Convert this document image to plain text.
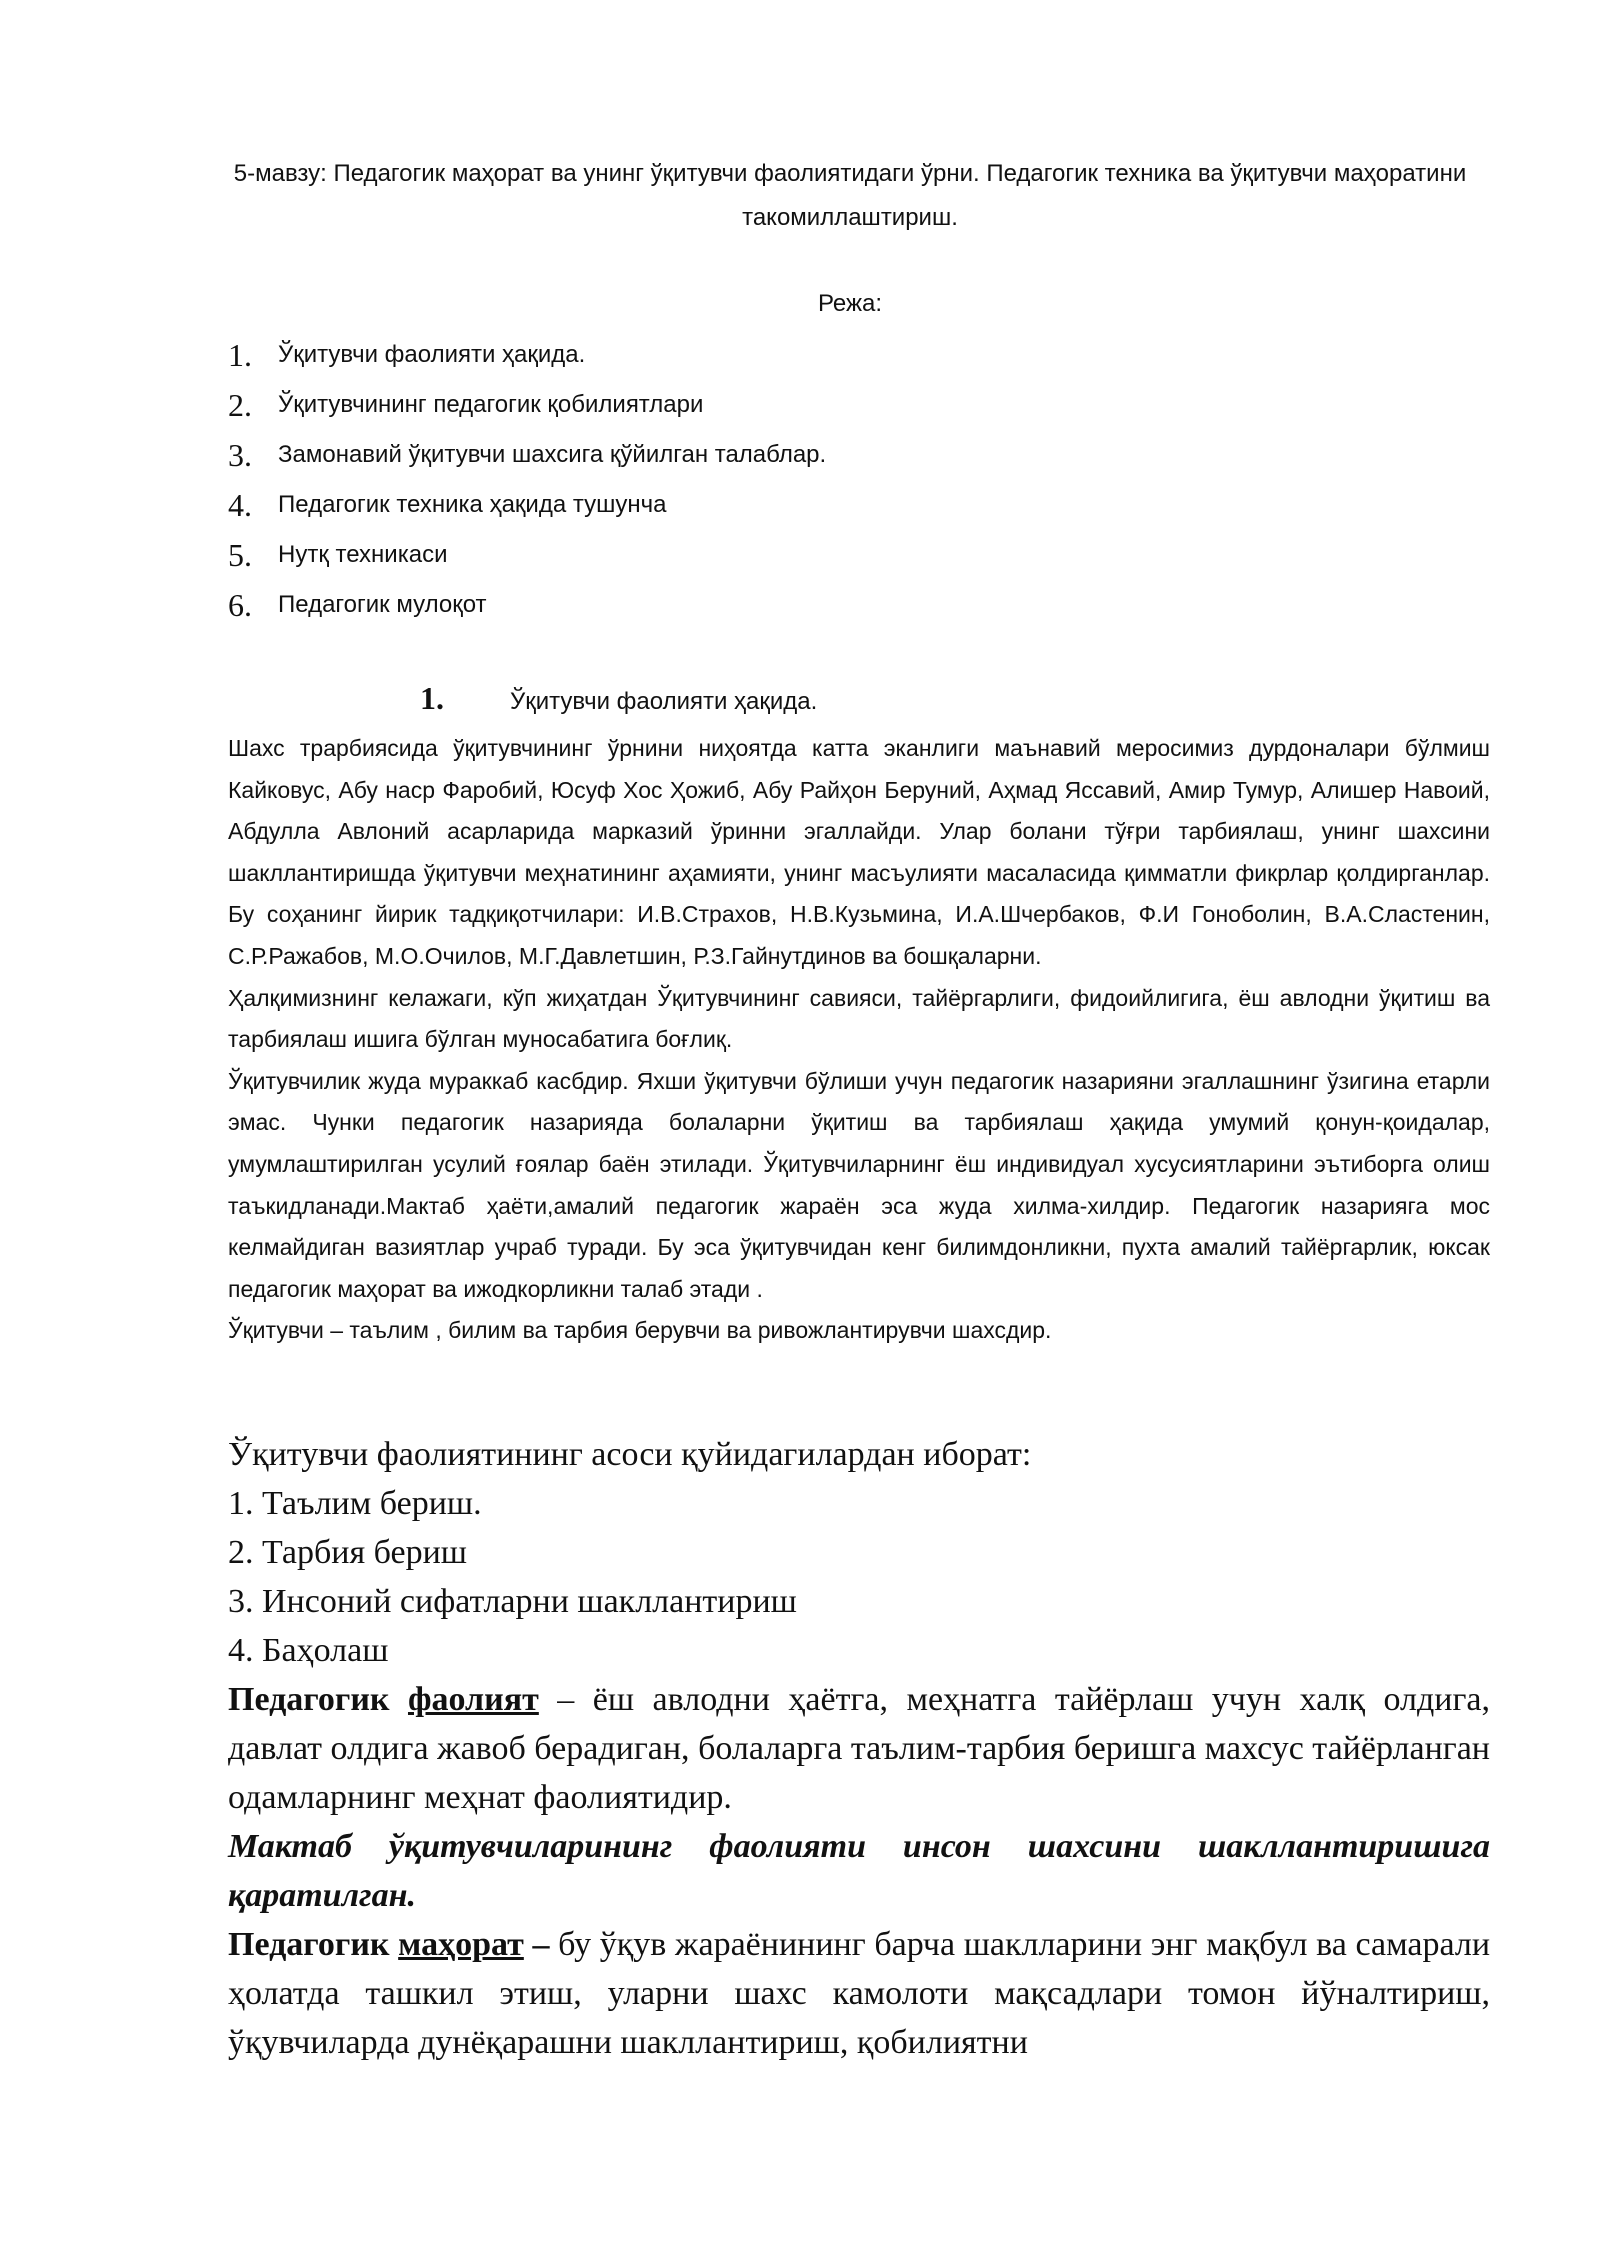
5-мавзу: Педагогик маҳорат ва унинг ўқитувчи фаолиятидаги ўрни. Педагогик техника ва ўқитувчи маҳоратини такомиллаштириш.
Режа:
1.	Ўқитувчи фаолияти ҳақида.
2.	Ўқитувчининг педагогик қобилиятлари
3.	Замонавий ўқитувчи шахсига қўйилган талаблар.
4.	Педагогик техника ҳақида тушунча
5.	Нутқ техникаси
6.	Педагогик мулоқот
1.	Ўқитувчи фаолияти ҳақида.

Шахс трарбиясида ўқитувчининг ўрнини ниҳоятда катта эканлиги маънавий меросимиз дурдоналари бўлмиш Кайковус, Абу наср Фаробий, Юсуф Хос Ҳожиб, Абу Райҳон Беруний, Аҳмад Яссавий, Амир Тумур, Алишер Навоий, Абдулла Авлоний асарларида марказий ўринни эгаллайди. Улар болани тўғри тарбиялаш, унинг шахсини шакллантиришда ўқитувчи меҳнатининг аҳамияти, унинг масъулияти масаласида қимматли фикрлар қолдирганлар. Бу соҳанинг йирик тадқиқотчилари: И.В.Страхов, Н.В.Кузьмина, И.А.Шчербаков, Ф.И Гоноболин, В.А.Сластенин, С.Р.Ражабов, М.О.Очилов, М.Г.Давлетшин, Р.З.Гайнутдинов ва бошқаларни.

Ҳалқимизнинг келажаги, кўп жиҳатдан Ўқитувчининг савияси, тайёргарлиги, фидоийлигига, ёш авлодни ўқитиш ва тарбиялаш ишига бўлган муносабатига боғлиқ.

Ўқитувчилик жуда мураккаб касбдир. Яхши ўқитувчи бўлиши учун педагогик назарияни эгаллашнинг ўзигина етарли эмас. Чунки педагогик назарияда болаларни ўқитиш ва тарбиялаш ҳақида умумий қонун-қоидалар, умумлаштирилган усулий ғоялар баён этилади. Ўқитувчиларнинг ёш индивидуал хусусиятларини эътиборга олиш таъкидланади.Мактаб ҳаёти,амалий педагогик жараён эса жуда хилма-хилдир. Педагогик назарияга мос келмайдиган вазиятлар учраб туради. Бу эса ўқитувчидан кенг билимдонликни, пухта амалий тайёргарлик, юксак педагогик маҳорат ва ижодкорликни талаб этади .

Ўқитувчи – таълим , билим ва тарбия берувчи ва ривожлантирувчи шахсдир.

Ўқитувчи фаолиятининг асоси қуйидагилардан иборат:

1. Таълим бериш.

2. Тарбия бериш

3. Инсоний сифатларни шакллантириш

4. Баҳолаш

Педагогик фаолият – ёш авлодни ҳаётга, меҳнатга тайёрлаш учун халқ олдига, давлат олдига жавоб берадиган, болаларга таълим-тарбия беришга махсус тайёрланган одамларнинг меҳнат фаолиятидир.

Мактаб ўқитувчиларининг фаолияти инсон шахсини шакллантиришига қаратилган.

Педагогик маҳорат – бу ўқув жараёнининг барча шаклларини энг мақбул ва самарали ҳолатда ташкил этиш, уларни шахс камолоти мақсадлари томон йўналтириш, ўқувчиларда дунёқарашни шакллантириш, қобилиятни
